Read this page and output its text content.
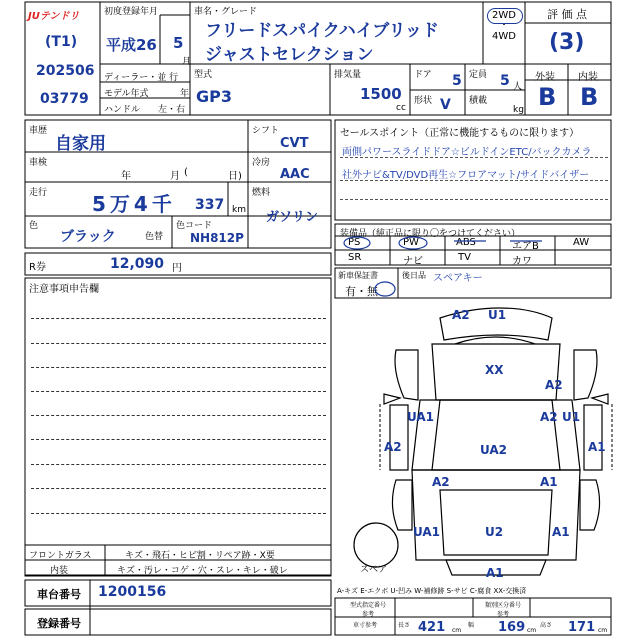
JUテンドリ
(T1)
202506
03779
初度登録年月
平成26 5
月
車名・グレード
フリードスパイクハイブリッド
ジャストセレクション
2WD
・
4WD
評 価 点
(3)
外装 内装
B B
ディーラー・並 行
モデル年式	年
ハンドル 左・右
型式
GP3
排気量
1500
cc
ドア 5
形状 V
定員 5 人
積載
kg
車歴
自家用
車検
年	月 (	日)
走行 5万4千 337 km
色
ブラック	色替
色コード
NH812P
シフト
CVT
冷房
AAC
燃料
ガソリン
R券	12,090 円
セールスポイント（正常に機能するものに限ります）
両側パワースライドドア☆ビルドインETC/バックカメラ
社外ナビ&TV/DVD再生☆フロアマット/サイドバイザー
装備品（純正品に限り〇をつけてください）
PS	PW	ABS	エアB	AW
SR	ナビ	TV	カワ
新車保証書
有・無
後日品 スペアキー
注意事項申告欄
フロントガラス	キズ・飛石・ヒビ割・リペア跡・X要
内装	キズ・汚レ・コゲ・穴・スレ・キレ・破レ
車台番号 1200156
登録番号
A2 U1
XX
A2
UA1	A2 U1
A2	UA2	A1
A2	A1
UA1	U2	A1
A1
スペア
A-キズ E-エクボ U-凹み W-補修跡 S-サビ C-腐食 XX-交換済
型式指定番号
参考
類別区分番号
参考
車寸参考	長さ 421 cm
幅 169 cm
高さ 171 cm
